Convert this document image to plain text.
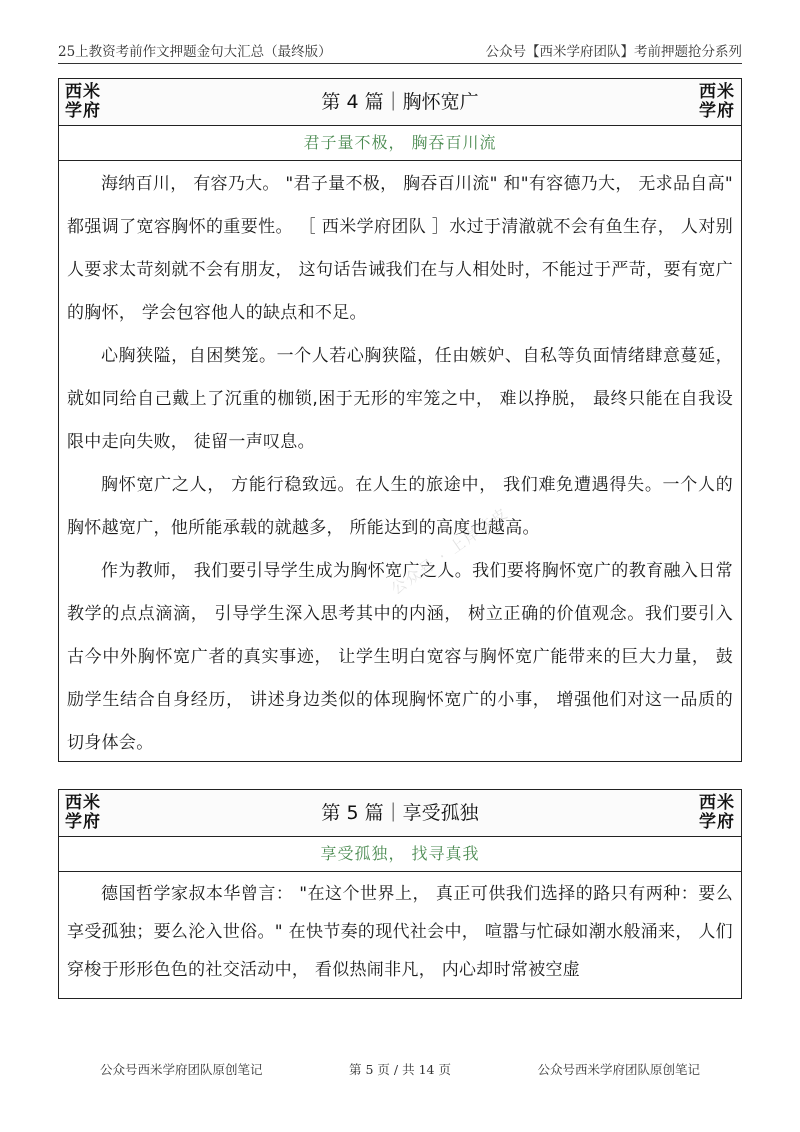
25上教资考前作文押题金句大汇总（最终版）	公众号【西米学府团队】考前押题抢分系列
西米
学府	第 4 篇｜胸怀宽广	西米
学府
君子量不极， 胸吞百川流

海纳百川， 有容乃大。 "君子量不极， 胸吞百川流" 和"有容德乃大， 无求品自高" 都强调了宽容胸怀的重要性。 ［ 西米学府团队 ］水过于清澈就不会有鱼生存， 人对别人要求太苛刻就不会有朋友， 这句话告诫我们在与人相处时，不能过于严苛，要有宽广的胸怀， 学会包容他人的缺点和不足。

心胸狭隘，自困樊笼。一个人若心胸狭隘，任由嫉妒、自私等负面情绪肆意蔓延， 就如同给自己戴上了沉重的枷锁,困于无形的牢笼之中， 难以挣脱， 最终只能在自我设限中走向失败， 徒留一声叹息。

胸怀宽广之人， 方能行稳致远。在人生的旅途中， 我们难免遭遇得失。一个人的胸怀越宽广，他所能承载的就越多， 所能达到的高度也越高。

作为教师， 我们要引导学生成为胸怀宽广之人。我们要将胸怀宽广的教育融入日常教学的点点滴滴， 引导学生深入思考其中的内涵， 树立正确的价值观念。我们要引入古今中外胸怀宽广者的真实事迹， 让学生明白宽容与胸怀宽广能带来的巨大力量， 鼓励学生结合自身经历， 讲述身边类似的体现胸怀宽广的小事， 增强他们对这一品质的切身体会。

西米
学府	第 5 篇｜享受孤独	西米
学府
享受孤独， 找寻真我

德国哲学家叔本华曾言： "在这个世界上， 真正可供我们选择的路只有两种：要么享受孤独；要么沦入世俗。" 在快节奏的现代社会中， 喧嚣与忙碌如潮水般涌来， 人们穿梭于形形色色的社交活动中， 看似热闹非凡， 内心却时常被空虚

公众号 · 上岸陈皮
公众号西米学府团队原创笔记	第 5 页 / 共 14 页	公众号西米学府团队原创笔记
